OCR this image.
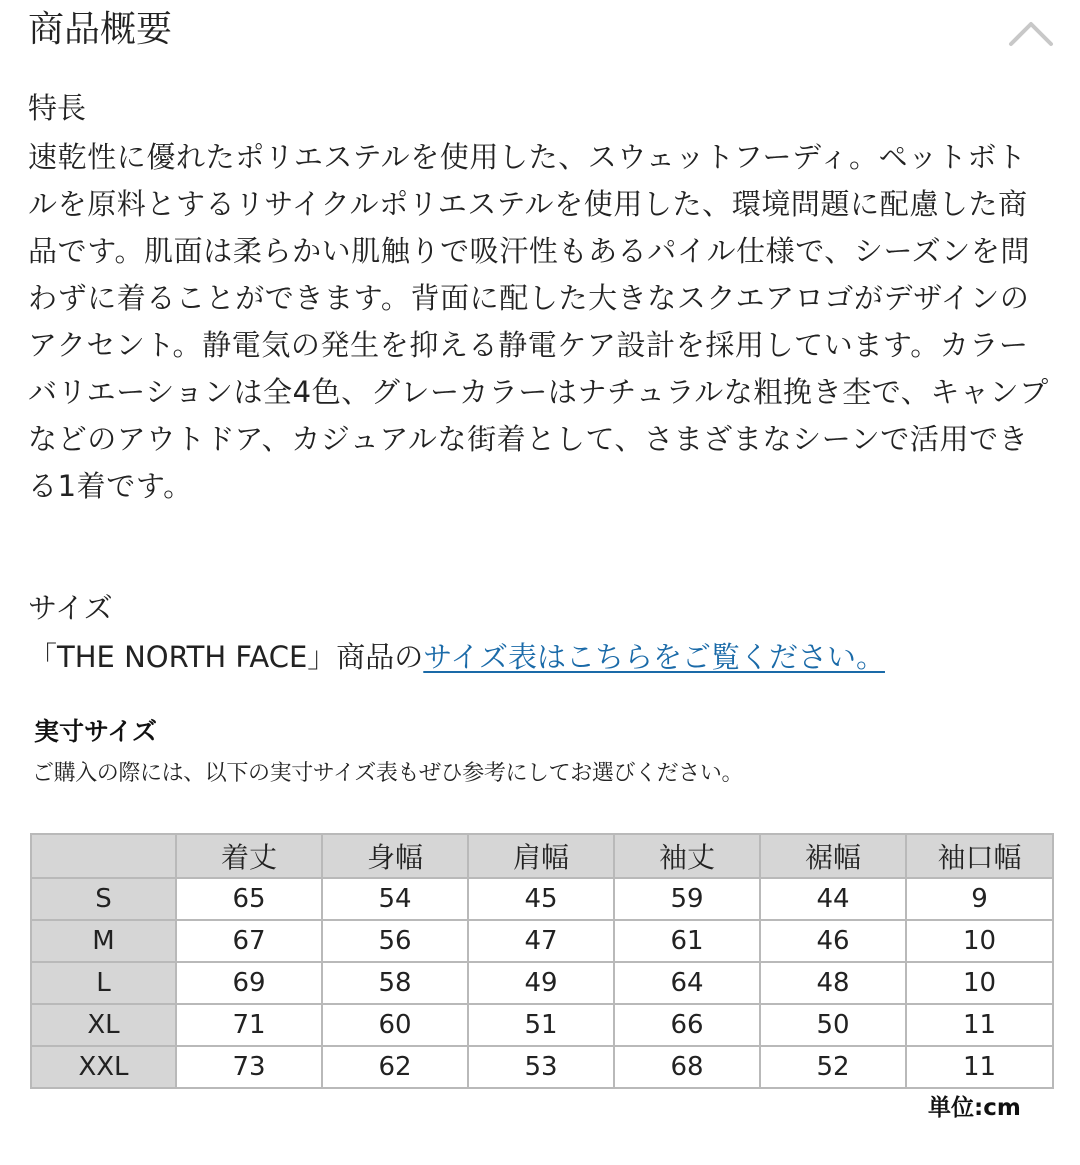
商品概要
特長

速乾性に優れたポリエステルを使用した、スウェットフーディ。ペットボトルを原料とするリサイクルポリエステルを使用した、環境問題に配慮した商品です。肌面は柔らかい肌触りで吸汗性もあるパイル仕様で、シーズンを問わずに着ることができます。背面に配した大きなスクエアロゴがデザインのアクセント。静電気の発生を抑える静電ケア設計を採用しています。カラーバリエーションは全4色、グレーカラーはナチュラルな粗挽き杢で、キャンプなどのアウトドア、カジュアルな街着として、さまざまなシーンで活用できる1着です。

サイズ
「THE NORTH FACE」商品のサイズ表はこちらをご覧ください。
実寸サイズ
ご購入の際には、以下の実寸サイズ表もぜひ参考にしてお選びください。
	着丈	身幅	肩幅	袖丈	裾幅	袖口幅
S	65	54	45	59	44	9
M	67	56	47	61	46	10
L	69	58	49	64	48	10
XL	71	60	51	66	50	11
XXL	73	62	53	68	52	11
単位:cm
